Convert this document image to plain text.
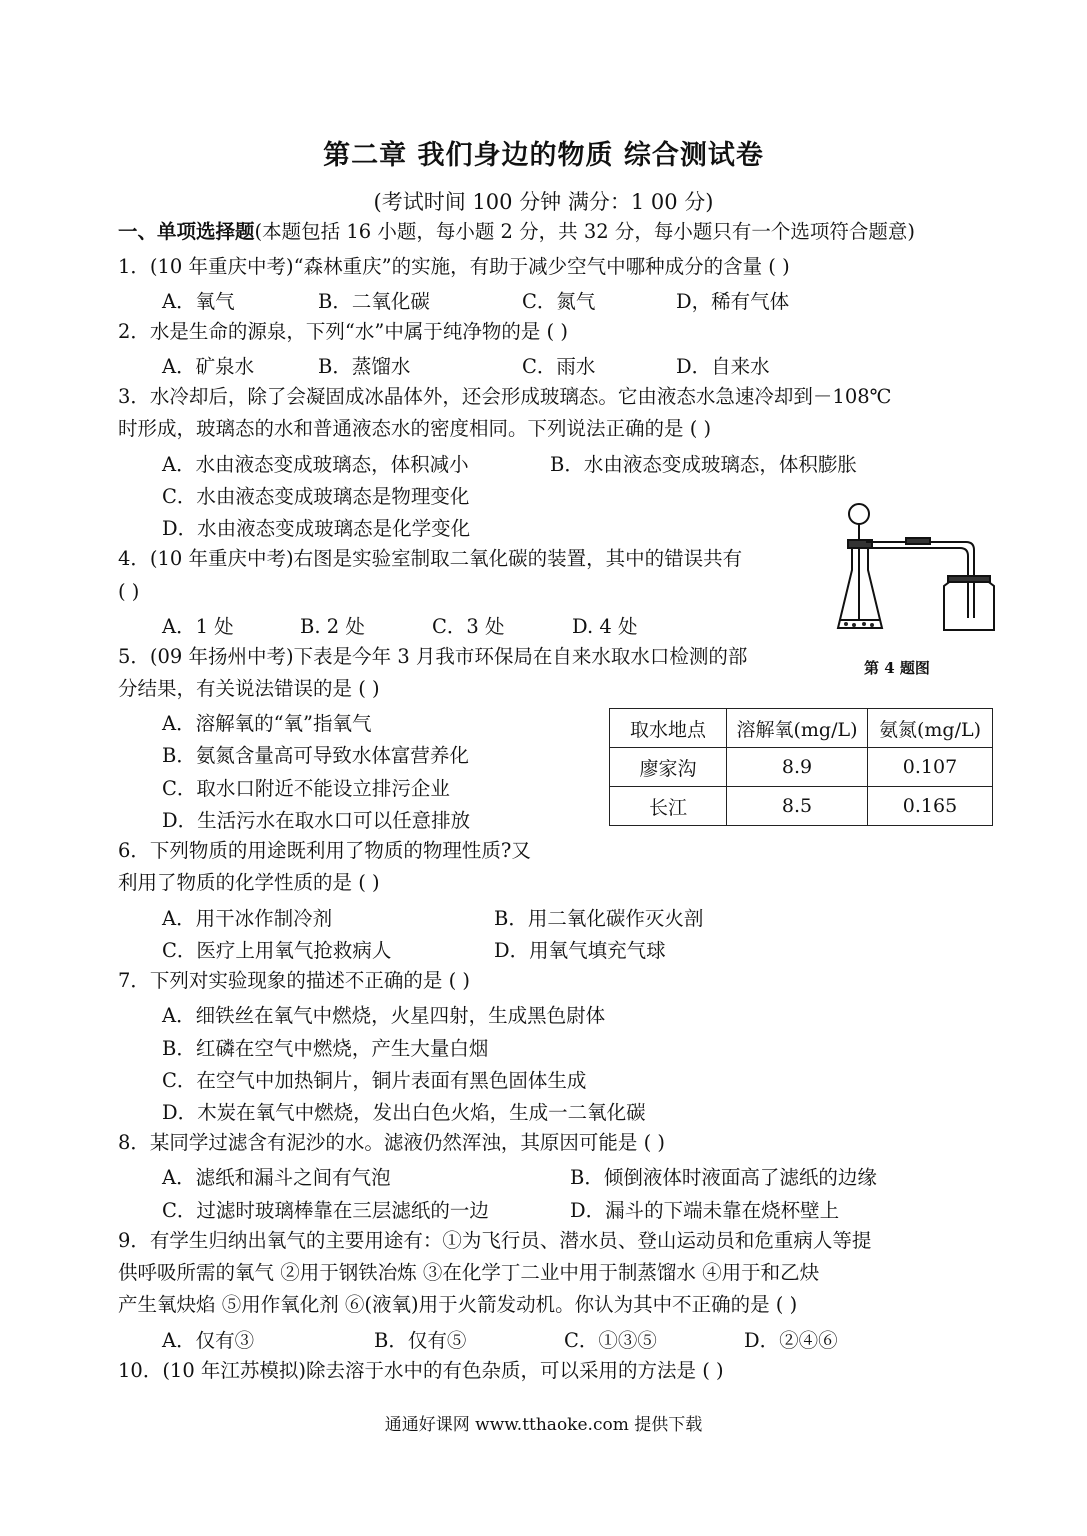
第二章 我们身边的物质 综合测试卷
(考试时间 100 分钟 满分：1 00 分)
一、单项选择题(本题包括 16 小题，每小题 2 分，共 32 分，每小题只有一个选项符合题意)
1．(10 年重庆中考)“森林重庆”的实施，有助于减少空气中哪种成分的含量 ( )
A．氧气	B．二氧化碳	C．氮气	D，稀有气体
2．水是生命的源泉，下列“水”中属于纯净物的是 ( )
A．矿泉水	B．蒸馏水	C．雨水	D．自来水
3．水冷却后，除了会凝固成冰晶体外，还会形成玻璃态。它由液态水急速冷却到－108℃
时形成，玻璃态的水和普通液态水的密度相同。下列说法正确的是 ( )
A．水由液态变成玻璃态，体积减小	B．水由液态变成玻璃态，体积膨胀
C．水由液态变成玻璃态是物理变化
D．水由液态变成玻璃态是化学变化
第 4 题图
4．(10 年重庆中考)右图是实验室制取二氧化碳的装置，其中的错误共有
( )
A．1 处	B. 2 处	C．3 处	D. 4 处
5．(09 年扬州中考)下表是今年 3 月我市环保局在自来水取水口检测的部
分结果，有关说法错误的是 ( )
A．溶解氧的“氧”指氧气
B．氨氮含量高可导致水体富营养化
C．取水口附近不能设立排污企业
D．生活污水在取水口可以任意排放
取水地点	溶解氧(mg/L)	氨氮(mg/L)
廖家沟	8.9	0.107
长江	8.5	0.165
6．下列物质的用途既利用了物质的物理性质?又
利用了物质的化学性质的是 ( )
A．用干冰作制冷剂	B．用二氧化碳作灭火剖
C．医疗上用氧气抢救病人	D．用氧气填充气球
7．下列对实验现象的描述不正确的是 ( )
A．细铁丝在氧气中燃烧，火星四射，生成黑色尉体
B．红磷在空气中燃烧，产生大量白烟
C．在空气中加热铜片，铜片表面有黑色固体生成
D．木炭在氧气中燃烧，发出白色火焰，生成一二氧化碳
8．某同学过滤含有泥沙的水。滤液仍然浑浊，其原因可能是 ( )
A．滤纸和漏斗之间有气泡	B．倾倒液体时液面高了滤纸的边缘
C．过滤时玻璃棒靠在三层滤纸的一边	D．漏斗的下端未靠在烧杯壁上
9．有学生归纳出氧气的主要用途有：①为飞行员、潜水员、登山运动员和危重病人等提
供呼吸所需的氧气 ②用于钢铁冶炼 ③在化学丁二业中用于制蒸馏水 ④用于和乙炔
产生氧炔焰 ⑤用作氧化剂 ⑥(液氧)用于火箭发动机。你认为其中不正确的是 ( )
A．仅有③	B．仅有⑤	C．①③⑤	D．②④⑥
10．(10 年江苏模拟)除去溶于水中的有色杂质，可以采用的方法是 ( )
通通好课网 www.tthaoke.com 提供下载
